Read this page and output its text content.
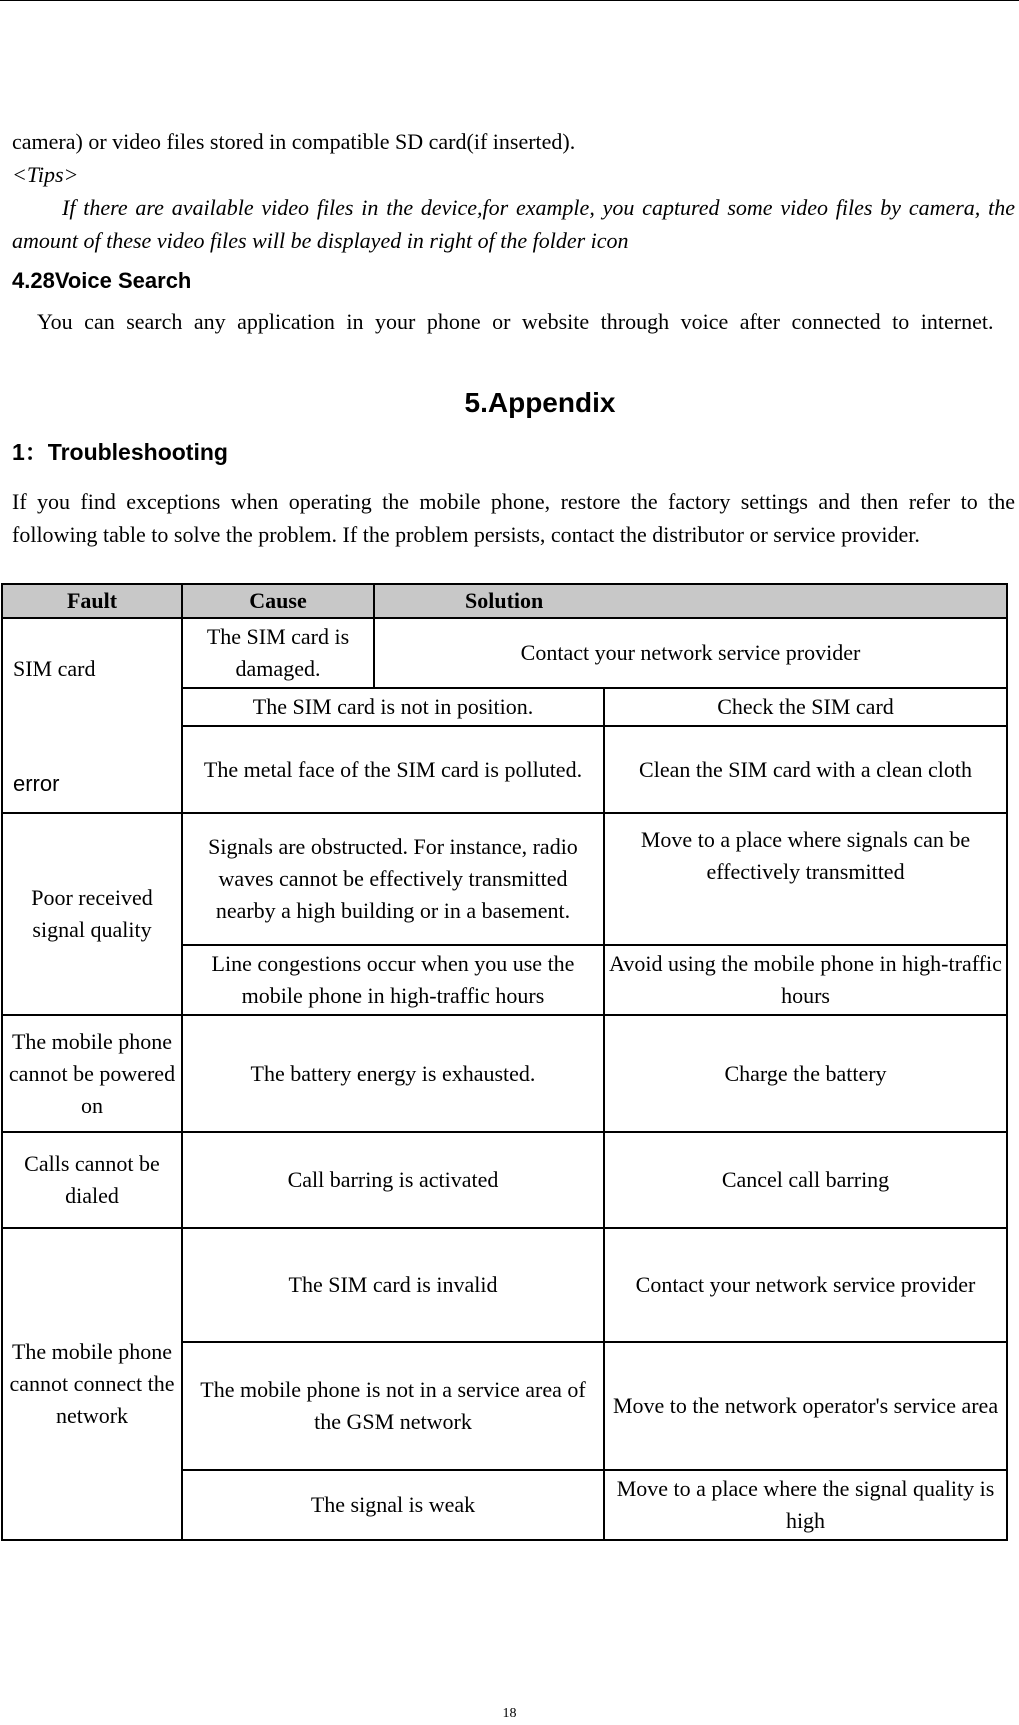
camera) or video files stored in compatible SD card(if inserted).

<Tips>

If there are available video files in the device,for example, you captured some video files by camera, the amount of these video files will be displayed in right of the folder icon

4.28Voice Search

You can search any application in your phone or website through voice after connected to internet.

5.Appendix
1：Troubleshooting

If you find exceptions when operating the mobile phone, restore the factory settings and then refer to the following table to solve the problem. If the problem persists, contact the distributor or service provider.

Fault	Cause	Solution	

SIM card
error	The SIM card is damaged.	Contact your network service provider	
	The SIM card is not in position.		Check the SIM card
	The metal face of the SIM card is polluted.		Clean the SIM card with a clean cloth
Poor received signal quality	Signals are obstructed. For instance, radio waves cannot be effectively transmitted nearby a high building or in a basement.		Move to a place where signals can be effectively transmitted
	Line congestions occur when you use the mobile phone in high-traffic hours		Avoid using the mobile phone in high-traffic hours
The mobile phone cannot be powered on	The battery energy is exhausted.		Charge the battery
Calls cannot be dialed	Call barring is activated		Cancel call barring
The mobile phone cannot connect the network	The SIM card is invalid		Contact your network service provider
	The mobile phone is not in a service area of the GSM network		Move to the network operator's service area
	The signal is weak		Move to a place where the signal quality is high
18
